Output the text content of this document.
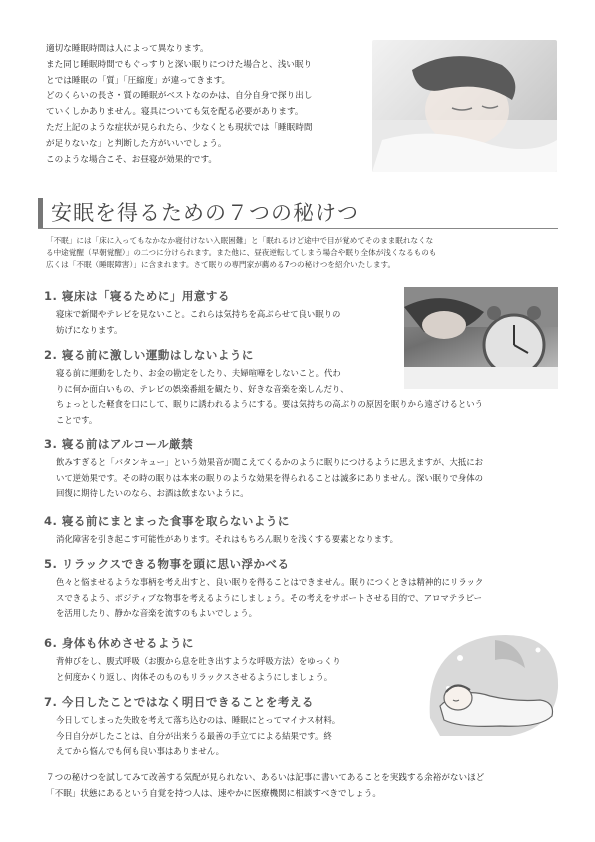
適切な睡眠時間は人によって異なります。

また同じ睡眠時間でもぐっすりと深い眠りにつけた場合と、浅い眠り

とでは睡眠の「質」「圧縮度」が違ってきます。

どのくらいの長さ・質の睡眠がベストなのかは、自分自身で探り出し

ていくしかありません。寝具についても気を配る必要があります。

ただ上記のような症状が見られたら、少なくとも現状では「睡眠時間

が足りないな」と判断した方がいいでしょう。

このような場合こそ、お昼寝が効果的です。

安眠を得るための７つの秘けつ
「不眠」には「床に入ってもなかなか寝付けない入眠困難」と「眠れるけど途中で目が覚めてそのまま眠れなくな
る中途覚醒（早朝覚醒）」の二つに分けられます。また他に、昼夜逆転してしまう場合や眠り全体が浅くなるものも
広くは「不眠（睡眠障害）」に含まれます。さて眠りの専門家が薦める7つの秘けつを紹介いたします。
1. 寝床は「寝るために」用意する

寝床で新聞やテレビを見ないこと。これらは気持ちを高ぶらせて良い眠りの

妨げになります。

2. 寝る前に激しい運動はしないように

寝る前に運動をしたり、お金の勘定をしたり、夫婦喧嘩をしないこと。代わ

りに何か面白いもの、テレビの娯楽番組を観たり、好きな音楽を楽しんだり、

ちょっとした軽食を口にして、眠りに誘われるようにする。要は気持ちの高ぶりの原因を眠りから遠ざけるという

ことです。

3. 寝る前はアルコール厳禁

飲みすぎると「バタンキュー」という効果音が聞こえてくるかのように眠りにつけるように思えますが、大抵にお

いて逆効果です。その時の眠りは本来の眠りのような効果を得られることは滅多にありません。深い眠りで身体の

回復に期待したいのなら、お酒は飲まないように。

4. 寝る前にまとまった食事を取らないように

消化障害を引き起こす可能性があります。それはもちろん眠りを浅くする要素となります。

5. リラックスできる物事を頭に思い浮かべる

色々と悩ませるような事柄を考え出すと、良い眠りを得ることはできません。眠りにつくときは精神的にリラック

スできるよう、ポジティブな物事を考えるようにしましょう。その考えをサポートさせる目的で、アロマテラピー

を活用したり、静かな音楽を流すのもよいでしょう。

6. 身体も休めさせるように

背伸びをし、腹式呼吸（お腹から息を吐き出すような呼吸方法）をゆっくり

と何度かくり返し、肉体そのものもリラックスさせるようにしましょう。

7. 今日したことではなく明日できることを考える

今日してしまった失敗を考えて落ち込むのは、睡眠にとってマイナス材料。

今日自分がしたことは、自分が出来うる最善の手立てによる結果です。終

えてから悩んでも何も良い事はありません。

７つの秘けつを試してみて改善する気配が見られない、あるいは記事に書いてあることを実践する余裕がないほど

「不眠」状態にあるという自覚を持つ人は、速やかに医療機関に相談すべきでしょう。
